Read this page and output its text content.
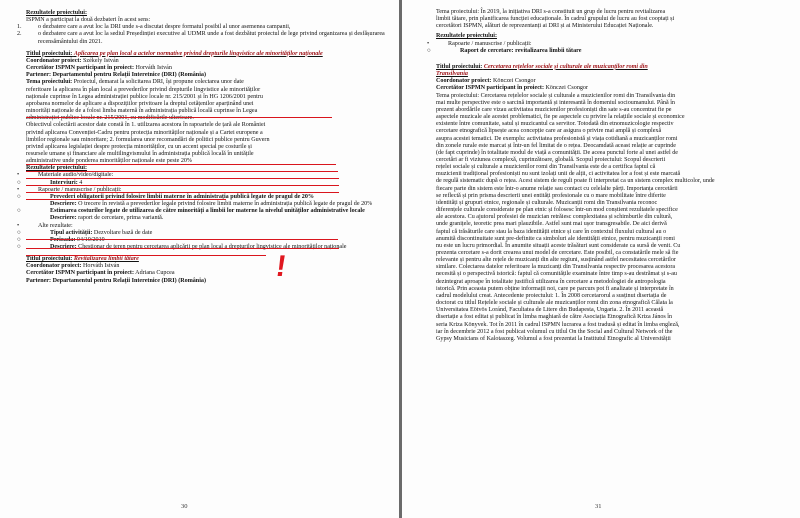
Rezultatele proiectului:

ISPMN a participat la două dezbateri în acest sens:

1.	o dezbatere care a avut loc la DRI unde s-a discutat despre formatul posibil al unor asemenea campanii,

2.	o dezbatere care a avut loc la sediul Președinției executive al UDMR unde a fost dezbătut proiectul de lege privind organizarea și desfășurarea recensământului din 2021.

Titlul proiectului: Aplicarea pe plan local a actelor normative privind drepturile lingvistice ale minorităților naționale

Coordonator proiect: Székely István

Cercetător ISPMN participant în proiect: Horváth István

Partener: Departamentul pentru Relații Interetnice (DRI) (România)

Tema proiectului: Proiectul, demarat la solicitarea DRI, își propune colectarea unor date

referitoare la aplicarea în plan local a prevederilor privind drepturile lingvistice ale minorităților

naționale cuprinse în Legea administrației publice locale nr. 215/2001 și în HG 1206/2001 pentru

aprobarea normelor de aplicare a dispozițiilor privitoare la dreptul cetățenilor aparținând unei

minorități naționale de a folosi limba maternă în administrația publică locală cuprinse în Legea

administrației publice locale nr. 215/2001, cu modificările ulterioare.

Obiectivul colectării acestor date constă în 1. utilizarea acestora în rapoartele de țară ale României

privind aplicarea Convenției-Cadru pentru protecția minorităților naționale și a Cartei europene a

limbilor regionale sau minoritare; 2. formularea unor recomandări de politici publice pentru Guvern

privind aplicarea legislației despre protecția minorităților, cu un accent special pe costurile și

resursele umane și financiare ale multilingvismului în administrația publică locală în unitățile

administrative unde ponderea minorităților naționale este peste 20%

Rezultatele proiectului:

•	Materiale audio/video/digitale:

○	Interviuri: 4

•	Rapoarte / manuscrise / publicații:

○	Prevederi obligatorii privind folosire limbii materne în administrația publică legate de pragul de 20%

Descriere: O trecere în revistă a prevederilor legale privind folosire limbii materne în administrația publică legate de pragul de 20%

○	Estimarea costurilor legate de utilizarea de către minorități a limbii lor materne la nivelul unităților administrative locale

Descriere: raport de cercetare, prima variantă.

•	Alte rezultate:

○	Tipul activității: Dezvoltare bază de date

○	Perioada: 04/10/2019

○	Descriere: Chestionar de teren pentru cercetarea aplicării pe plan local a drepturilor lingvistice ale minorităților naționale

Titlul proiectului: Revitalizarea limbii tătare

Coordonator proiect: Horváth István

Cercetător ISPMN participant în proiect: Adriana Cupcea

Partener: Departamentul pentru Relații Interetnice (DRI) (România)	!
30

Tema proiectului: În 2019, la inițiativa DRI s-a constituit un grup de lucru pentru revitalizarea

limbii tătare, prin planificarea funcției educaționale. În cadrul grupului de lucru au fost cooptați și

cercetători ISPMN, alături de reprezentanți ai DRI și ai Ministerului Educației Naționale.

Rezultatele proiectului:

•	Rapoarte / manuscrise / publicații:

○	Raport de cercetare: revitalizarea limbii tătare

Titlul proiectului: Cercetarea rețelelor sociale și culturale ale muzicanților romi din

Transilvania

Coordonator proiect: Könczei Csongor

Cercetător ISPMN participant în proiect: Könczei Csongor

Tema proiectului: Cercetarea rețelelor sociale și culturale a muzicienilor romi din Transilvania din

mai multe perspective este o sarcină importantă și interesantă în domeniul socioumanului. Până în

prezent abordările care vizau activitatea muzicienilor profesioniști din sate s-au concentrat fie pe

aspectele muzicale ale acestei problematici, fie pe aspectele cu privire la relațiile sociale și economice

existente între comunitate, satul și muzicantul ca servitor. Totodată din etnomuzicologie respectiv

cercetare etnografică lipsește acea concepție care ar asigura o privire mai amplă și complexă

asupra acestei tematici. De exemplu: activitatea profesionistă și viața cotidiană a muzicanților romi

din zonele rurale este marcat și într-un fel limitat de o rețea. Deocamdată aceast relație ar cuprinde

(de fapt cuprinde) în totalitate modul de viață a comunității. De aceea punctul forte al unei astfel de

cercetări ar fi viziunea complexă, cuprinzătoare, globală. Scopul proiectului: Scopul descrierii

rețelei sociale și culturale a muzicienilor romi din Transilvania este de a certifica faptul că

muzicienii tradițional profesioniști nu sunt izolați unii de alții, ci activitatea lor a fost și este marcată

de regulă sistematic după o rețea. Acest sistem de reguli poate fi interpretat ca un sistem complex multicolor, unde

fiecare parte din sistem este într-o anume relație sau contact cu celelalte părți. Importanța cercetării

se reflectă și prin prisma descrierii unei entități profesionale cu o mare mobilitate între diferite

identități și grupuri etnice, regionale și culturale. Muzicanții romi din Transilvania reconoc

diferențele culturale considerate pe plan etnic și folosesc într-un mod conștient rezultatele specifice

ale acestora. Cu ajutorul profesiei de muzician retrăiesc complexitatea și schimburile din cultură,

unde granițele, teoretic prea mari plauzibile. Astfel sunt mai ușor transgresabile. De aici derivă

faptul că trăsăturile care stau la baza identității etnice și care în contextul fluxului cultural au o

anumită discontinuitate sunt pre-definite ca simboluri ale identității etnice, pentru muzicanții romi

nu este un lucru primordial. În anumite situații aceste trăsături sunt considerate ca sursă de venit. Cu

prezenta cercetare s-a dorit crearea unui model de cercetare. Este posibil, ca constatările mele să fie

relevante și pentru alte rețele de muzicanți din alte regiuni, susținând astfel necesitatea cercetărilor

similare. Colectarea datelor referitoare la muzicanți din Transilvania respectiv procesarea acestora

necesită și o perspectivă istorică: faptul că comunitățile examinate între timp s-au destrămat și s-au

dezintegrat aproape în totalitate justifică utilizarea în cercetare a metodologiei de antropologia

istorică. Prin aceasta putem obține informații noi, care pe parcurs pot fi analizate și interpretate în

cadrul modelului creat. Antecedente proiectului: 1. În 2008 cercetarorul a susținut disertația de

doctorat cu titlul Rețelele sociale și culturale ale muzicanților romi din zona etnografică Călata la

Universitatea Eötvös Loránd, Facultatea de Litere din Budapesta, Ungaria. 2. În 2011 această

disertație a fost editat și publicat în limba maghiară de către Asociația Etnografică Kriza János în

seria Kriza Könyvek. Tot în 2011 în cadrul ISPMN lucrarea a fost tradusă și editat în limba engleză,

iar în decembrie 2012 a fost publicat volumul cu titlul On the Social and Cultural Network of the

Gypsy Musicians of Kalotaszeg. Volumul a fost prezentat la Institutul Etnografic al Universității

31
